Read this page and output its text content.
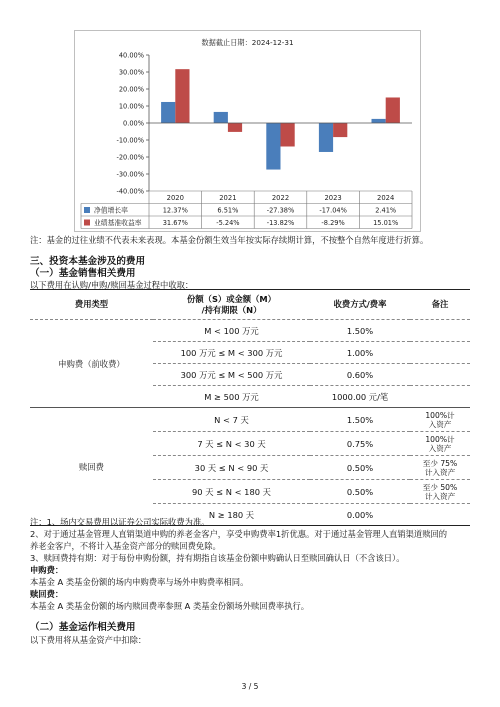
数据截止日期：2024-12-31
40.00%
30.00%
20.00%
10.00%
0.00%
-10.00%
-20.00%
-30.00%
-40.00%
2020	2021	2022	2023	2024
净值增长率	12.37%	6.51%	-27.38%	-17.04%	2.41%
业绩基准收益率	31.67%	-5.24%	-13.82%	-8.29%	15.01%
注：基金的过往业绩不代表未来表现。本基金份额生效当年按实际存续期计算，不按整个自然年度进行折算。
三、投资本基金涉及的费用
（一）基金销售相关费用
以下费用在认购/申购/赎回基金过程中收取：
费用类型	份额（S）或金额（M）
/持有期限（N）	收费方式/费率	备注
申购费（前收费）	M < 100 万元	1.50%	
	100 万元 ≤ M < 300 万元	1.00%	
	300 万元 ≤ M < 500 万元	0.60%	
	M ≥ 500 万元	1000.00 元/笔	
赎回费	N < 7 天	1.50%	100%计
入资产

	7 天 ≤ N < 30 天	0.75%	100%计
入资产

	30 天 ≤ N < 90 天	0.50%	至少 75%
计入资产

	90 天 ≤ N < 180 天	0.50%	至少 50%
计入资产

	N ≥ 180 天	0.00%	
注：1、场内交易费用以证券公司实际收费为准。
2、对于通过基金管理人直销渠道申购的养老金客户，享受申购费率1折优惠。对于通过基金管理人直销渠道赎回的
养老金客户，不将计入基金资产部分的赎回费免除。
3、赎回费持有期：对于每份申购份额，持有期指自该基金份额申购确认日至赎回确认日（不含该日）。
申购费：
本基金 A 类基金份额的场内申购费率与场外申购费率相同。
赎回费：
本基金 A 类基金份额的场内赎回费率参照 A 类基金份额场外赎回费率执行。
（二）基金运作相关费用
以下费用将从基金资产中扣除：
3 / 5
